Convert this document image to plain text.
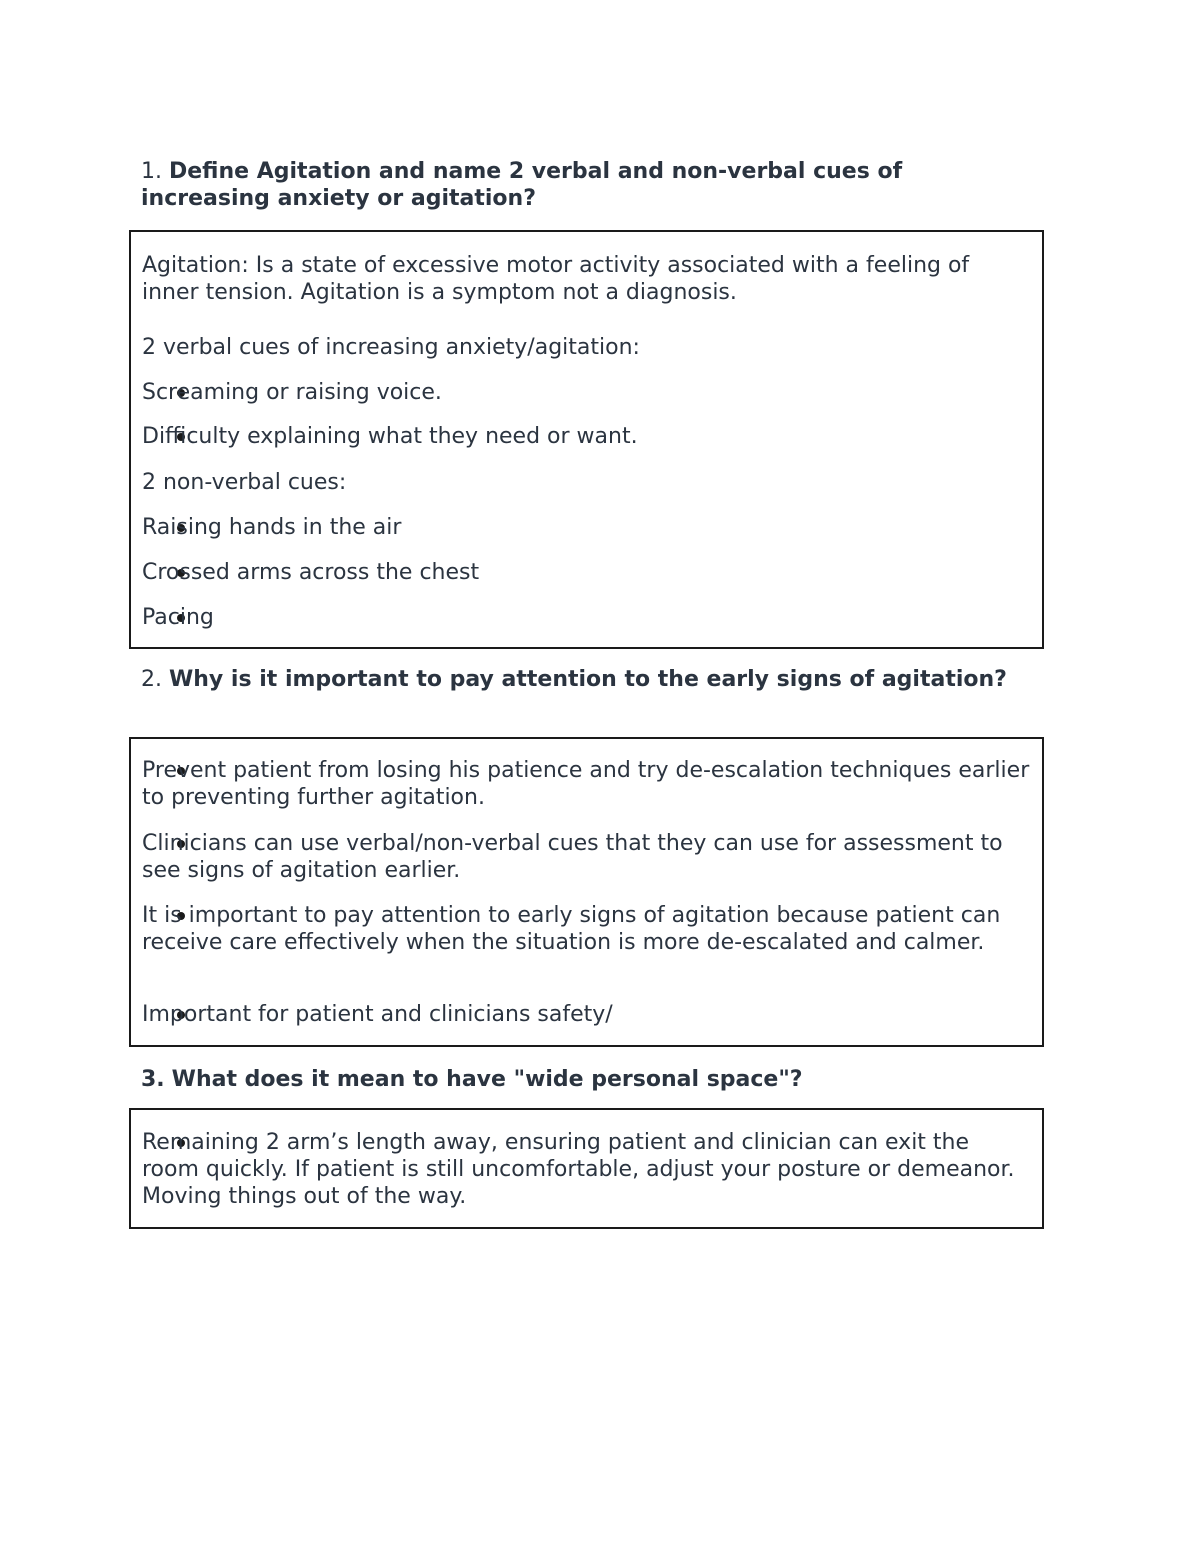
1. Define Agitation and name 2 verbal and non-verbal cues of increasing anxiety or agitation?

Agitation: Is a state of excessive motor activity associated with a feeling of inner tension. Agitation is a symptom not a diagnosis.

2 verbal cues of increasing anxiety/agitation:

Screaming or raising voice.

Difficulty explaining what they need or want.

2 non-verbal cues:

Raising hands in the air

Crossed arms across the chest

Pacing

2. Why is it important to pay attention to the early signs of agitation?

Prevent patient from losing his patience and try de-escalation techniques earlier to preventing further agitation.

Clinicians can use verbal/non-verbal cues that they can use for assessment to see signs of agitation earlier.

It is important to pay attention to early signs of agitation because patient can receive care effectively when the situation is more de-escalated and calmer.

Important for patient and clinicians safety/

3. What does it mean to have "wide personal space"?

Remaining 2 arm’s length away, ensuring patient and clinician can exit the room quickly. If patient is still uncomfortable, adjust your posture or demeanor. Moving things out of the way.
